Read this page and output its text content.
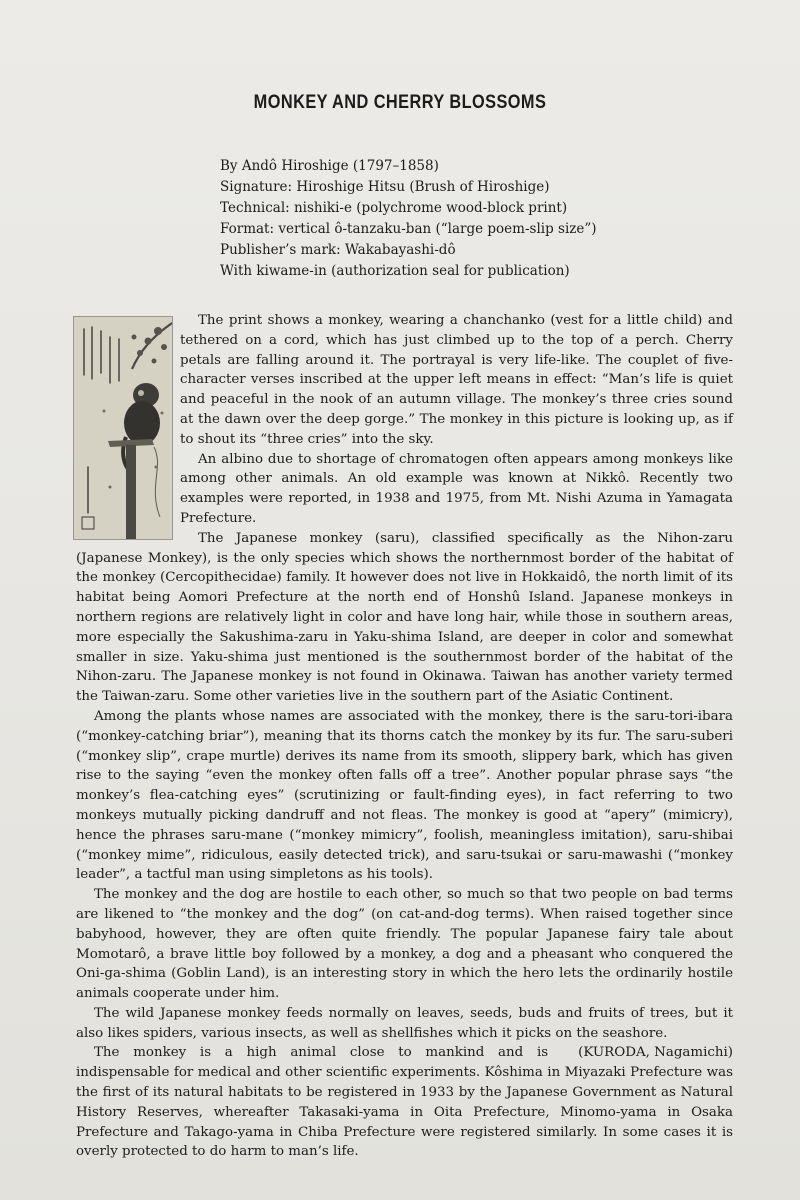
MONKEY AND CHERRY BLOSSOMS
By Andô Hiroshige (1797–1858)
Signature: Hiroshige Hitsu (Brush of Hiroshige)
Technical: nishiki-e (polychrome wood-block print)
Format: vertical ô-tanzaku-ban (“large poem-slip size”)
Publisher’s mark: Wakabayashi-dô
With kiwame-in (authorization seal for publication)

The print shows a monkey, wearing a chanchanko (vest for a little child) and tethered on a cord, which has just climbed up to the top of a perch. Cherry petals are falling around it. The portrayal is very life-like. The couplet of five-character verses inscribed at the upper left means in effect: “Man’s life is quiet and peaceful in the nook of an autumn village. The monkey’s three cries sound at the dawn over the deep gorge.” The monkey in this picture is looking up, as if to shout its “three cries” into the sky.

An albino due to shortage of chromatogen often appears among monkeys like among other animals. An old example was known at Nikkô. Recently two examples were reported, in 1938 and 1975, from Mt. Nishi Azuma in Yamagata Prefecture.

The Japanese monkey (saru), classified specifically as the Nihon-zaru (Japanese Monkey), is the only species which shows the northernmost border of the habitat of the monkey (Cercopithecidae) family. It however does not live in Hokkaidô, the north limit of its habitat being Aomori Prefecture at the north end of Honshû Island. Japanese monkeys in northern regions are relatively light in color and have long hair, while those in southern areas, more especially the Sakushima-zaru in Yaku-shima Island, are deeper in color and somewhat smaller in size. Yaku-shima just mentioned is the southernmost border of the habitat of the Nihon-zaru. The Japanese monkey is not found in Okinawa. Taiwan has another variety termed the Taiwan-zaru. Some other varieties live in the southern part of the Asiatic Continent.

Among the plants whose names are associated with the monkey, there is the saru-tori-ibara (“monkey-catching briar”), meaning that its thorns catch the monkey by its fur. The saru-suberi (“monkey slip”, crape murtle) derives its name from its smooth, slippery bark, which has given rise to the saying “even the monkey often falls off a tree”. Another popular phrase says “the monkey’s flea-catching eyes” (scrutinizing or fault-finding eyes), in fact referring to two monkeys mutually picking dandruff and not fleas. The monkey is good at “apery” (mimicry), hence the phrases saru-mane (“monkey mimicry”, foolish, meaningless imitation), saru-shibai (“monkey mime”, ridiculous, easily detected trick), and saru-tsukai or saru-mawashi (“monkey leader”, a tactful man using simpletons as his tools).

The monkey and the dog are hostile to each other, so much so that two people on bad terms are likened to “the monkey and the dog” (on cat-and-dog terms). When raised together since babyhood, however, they are often quite friendly. The popular Japanese fairy tale about Momotarô, a brave little boy followed by a monkey, a dog and a pheasant who conquered the Oni-ga-shima (Goblin Land), is an interesting story in which the hero lets the ordinarily hostile animals cooperate under him.

The wild Japanese monkey feeds normally on leaves, seeds, buds and fruits of trees, but it also likes spiders, various insects, as well as shellfishes which it picks on the seashore.

(KURODA, Nagamichi)
The monkey is a high animal close to mankind and is indispensable for medical and other scientific experiments. Kôshima in Miyazaki Prefecture was the first of its natural habitats to be registered in 1933 by the Japanese Government as Natural History Reserves, whereafter Takasaki-yama in Oita Prefecture, Minomo-yama in Osaka Prefecture and Takago-yama in Chiba Prefecture were registered similarly. In some cases it is overly protected to do harm to man’s life.
